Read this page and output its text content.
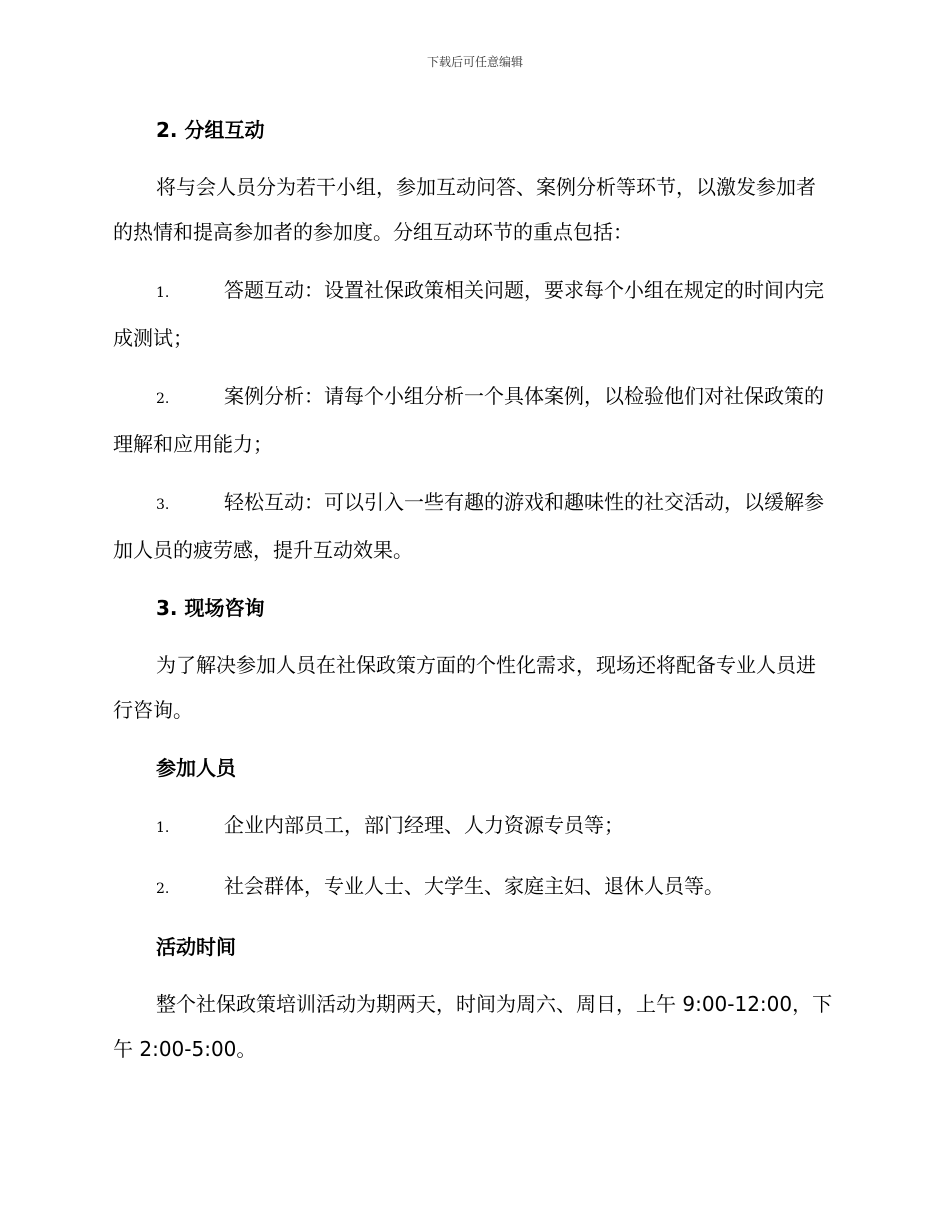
下载后可任意编辑
2. 分组互动

将与会人员分为若干小组，参加互动问答、案例分析等环节，以激发参加者的热情和提高参加者的参加度。分组互动环节的重点包括：

1.	答题互动：设置社保政策相关问题，要求每个小组在规定的时间内完成测试；

2.	案例分析：请每个小组分析一个具体案例，以检验他们对社保政策的理解和应用能力；

3.	轻松互动：可以引入一些有趣的游戏和趣味性的社交活动，以缓解参加人员的疲劳感，提升互动效果。

3. 现场咨询

为了解决参加人员在社保政策方面的个性化需求，现场还将配备专业人员进行咨询。

参加人员

1.	企业内部员工，部门经理、人力资源专员等；

2.	社会群体，专业人士、大学生、家庭主妇、退休人员等。

活动时间

整个社保政策培训活动为期两天，时间为周六、周日，上午 9:00-12:00，下午 2:00-5:00。
